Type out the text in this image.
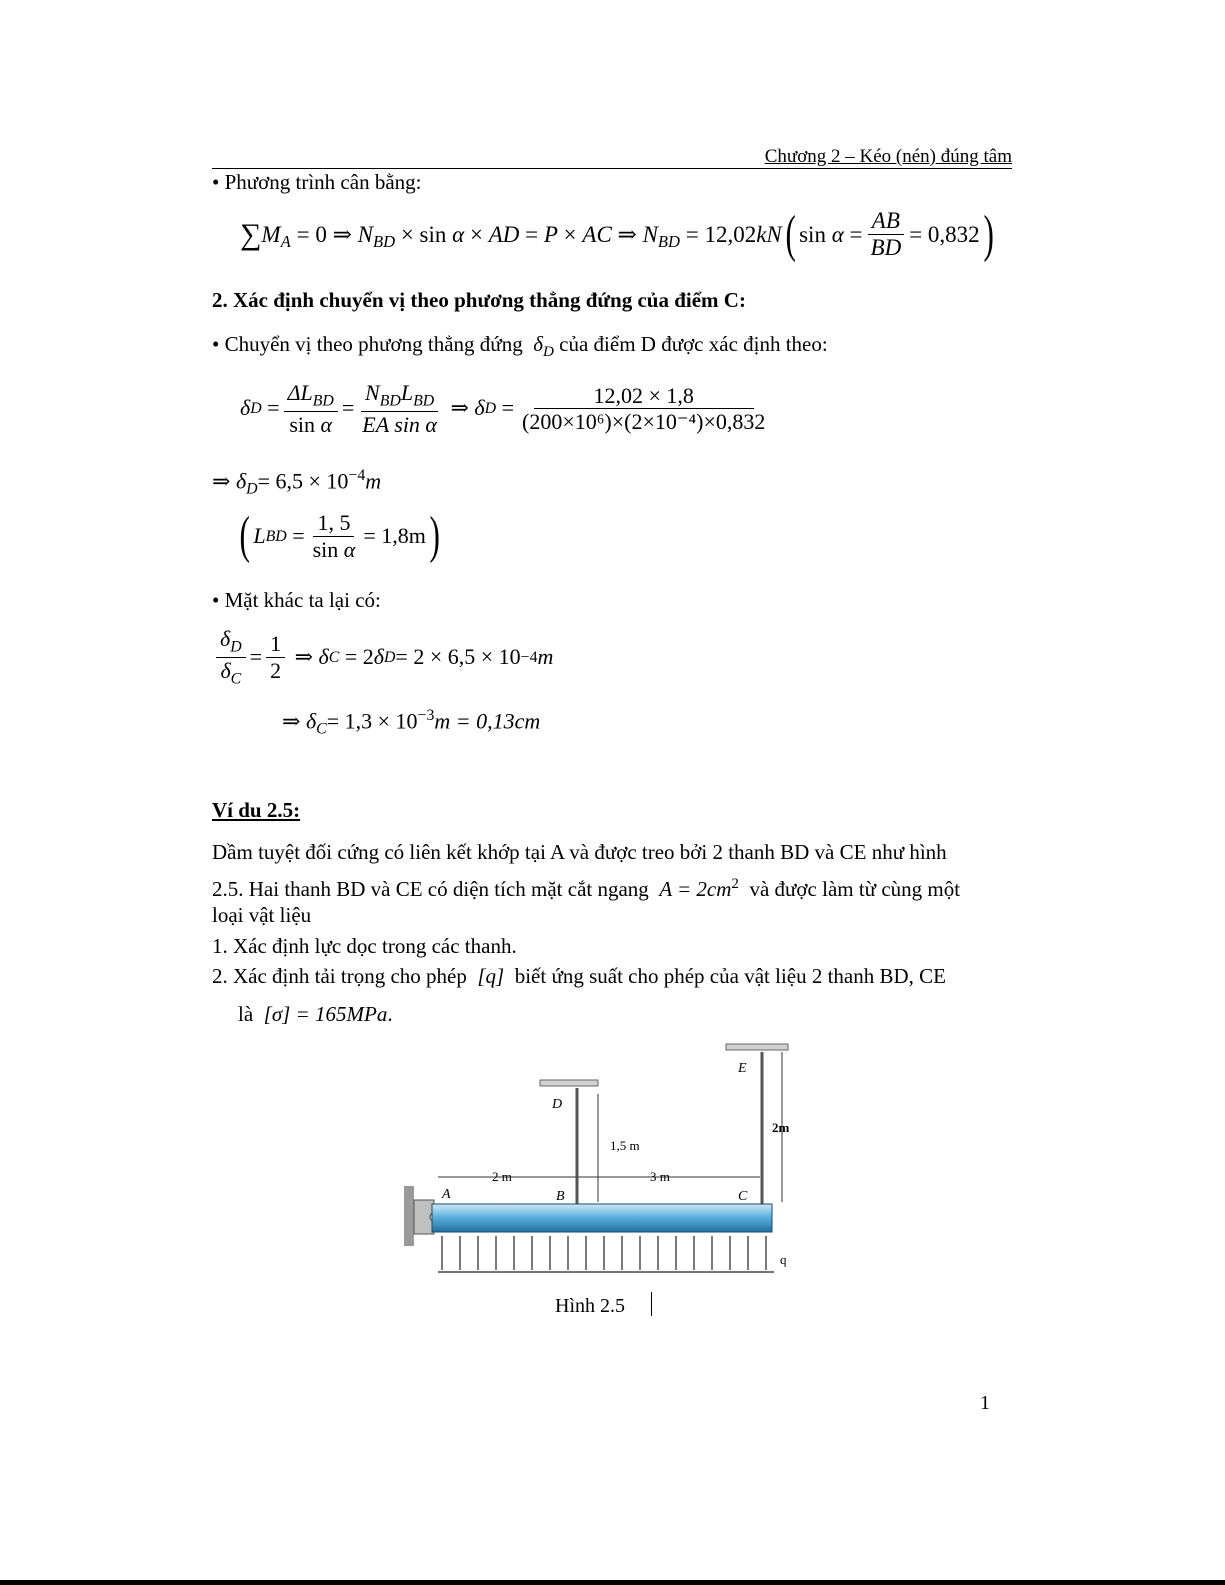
Chương 2 – Kéo (nén) đúng tâm
• Phương trình cân bằng:
∑ $M_A = 0$ ⇒ $N_{BD} \times \sin \alpha$ × AD = P × AC ⇒ $N_{BD} = 12,02$ kN ( $\sin \alpha = \frac{AB}{BD} = 0,832$ )
2. Xác định chuyển vị theo phương thẳng đứng của điểm C:
• Chuyển vị theo phương thẳng đứng  $\delta_D$ của điểm D được xác định theo:
δ $D = \frac{\Delta L_{BD}}{\text{sin α}} = \frac{N_{BD}L_{BD}}{\text{EA sin α}}$ ⇒ δ $D = \frac{12,02 \times 1,8}{\text{(200×10⁶)×(2×10⁻⁴)×0,832}}$
⇒ $\delta_D= 6,5 \times 10^{-4}m$
( L BD = $\frac{1, 5}{\text{sin α}} = 1,8m$ )
• Mặt khác ta lại có:
$\frac{\delta_D}{\delta_C} = \frac{1}{2}$ ⇒ δ C = 2 δ D = 2 × 6,5 × 10 −4 m
⇒ $\delta_C= 1,3 \times 10^{-3}m = 0,13cm$
Ví du 2.5:
Dầm tuyệt đối cứng có liên kết khớp tại A và được treo bởi 2 thanh BD và CE như hình
2.5. Hai thanh BD và CE có diện tích mặt cắt ngang $A = 2cm^2$ và được làm từ cùng một
loại vật liệu
1. Xác định lực dọc trong các thanh.
2. Xác định tải trọng cho phép [q] biết ứng suất cho phép của vật liệu 2 thanh BD, CE
là [σ] = 165MPa.
D
E
A	B	C
q
1,5 m
2 m	3 m
2m
Hình 2.5
1
